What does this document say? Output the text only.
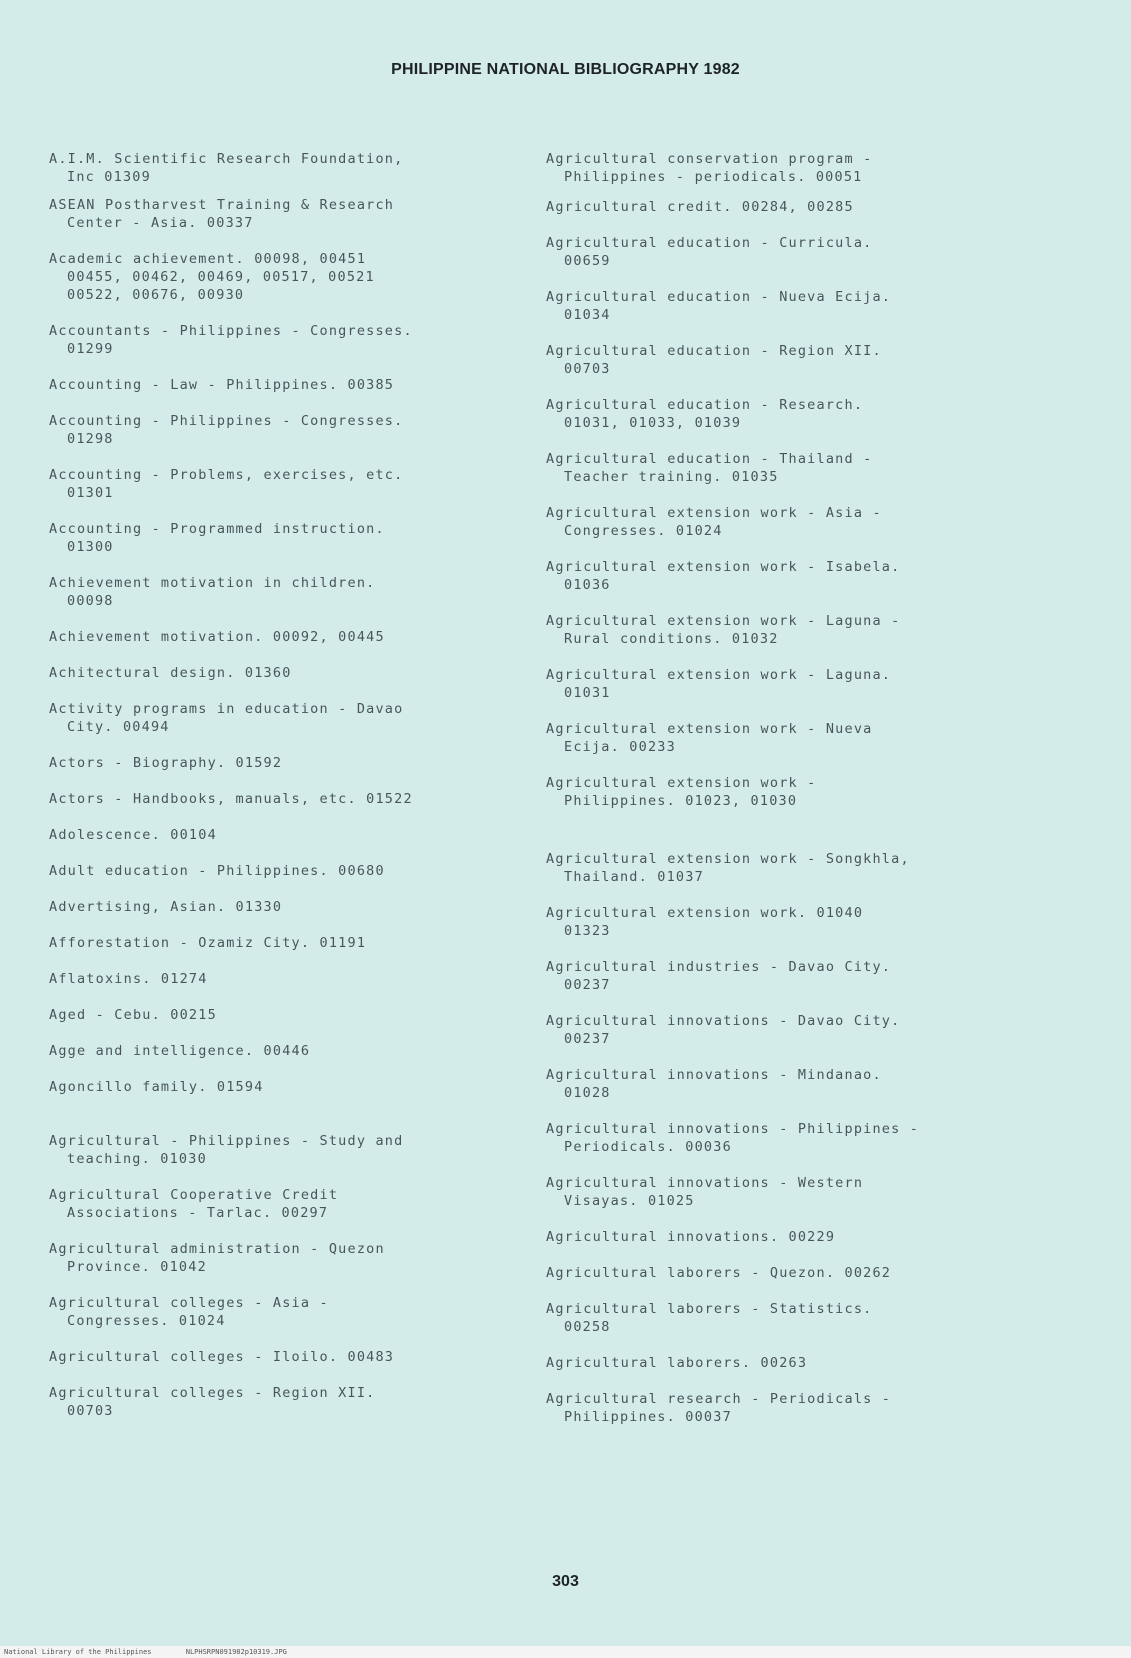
PHILIPPINE NATIONAL BIBLIOGRAPHY 1982
A.I.M. Scientific Research Foundation,
Inc 01309
ASEAN Postharvest Training & Research
Center - Asia. 00337
Academic achievement. 00098, 00451
00455, 00462, 00469, 00517, 00521
00522, 00676, 00930
Accountants - Philippines - Congresses.
01299
Accounting - Law - Philippines. 00385
Accounting - Philippines - Congresses.
01298
Accounting - Problems, exercises, etc.
01301
Accounting - Programmed instruction.
01300
Achievement motivation in children.
00098
Achievement motivation. 00092, 00445
Achitectural design. 01360
Activity programs in education - Davao
City. 00494
Actors - Biography. 01592
Actors - Handbooks, manuals, etc. 01522
Adolescence. 00104
Adult education - Philippines. 00680
Advertising, Asian. 01330
Afforestation - Ozamiz City. 01191
Aflatoxins. 01274
Aged - Cebu. 00215
Agge and intelligence. 00446
Agoncillo family. 01594
Agricultural - Philippines - Study and
teaching. 01030
Agricultural Cooperative Credit
Associations - Tarlac. 00297
Agricultural administration - Quezon
Province. 01042
Agricultural colleges - Asia -
Congresses. 01024
Agricultural colleges - Iloilo. 00483
Agricultural colleges - Region XII.
00703
Agricultural conservation program -
Philippines - periodicals. 00051
Agricultural credit. 00284, 00285
Agricultural education - Curricula.
00659
Agricultural education - Nueva Ecija.
01034
Agricultural education - Region XII.
00703
Agricultural education - Research.
01031, 01033, 01039
Agricultural education - Thailand -
Teacher training. 01035
Agricultural extension work - Asia -
Congresses. 01024
Agricultural extension work - Isabela.
01036
Agricultural extension work - Laguna -
Rural conditions. 01032
Agricultural extension work - Laguna.
01031
Agricultural extension work - Nueva
Ecija. 00233
Agricultural extension work -
Philippines. 01023, 01030
Agricultural extension work - Songkhla,
Thailand. 01037
Agricultural extension work. 01040
01323
Agricultural industries - Davao City.
00237
Agricultural innovations - Davao City.
00237
Agricultural innovations - Mindanao.
01028
Agricultural innovations - Philippines -
Periodicals. 00036
Agricultural innovations - Western
Visayas. 01025
Agricultural innovations. 00229
Agricultural laborers - Quezon. 00262
Agricultural laborers - Statistics.
00258
Agricultural laborers. 00263
Agricultural research - Periodicals -
Philippines. 00037
303
National Library of the Philippines	NLPHSRPN091982p10319.JPG
